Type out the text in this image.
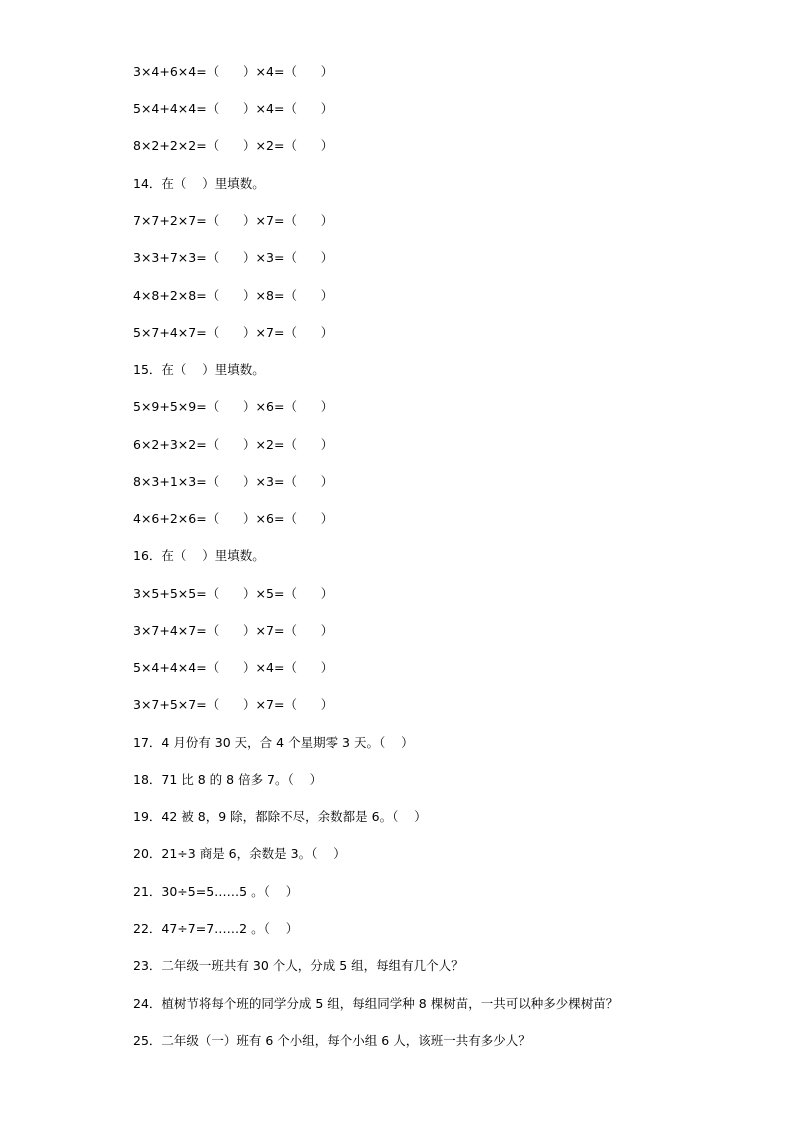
3×4+6×4=（      ）×4=（      ）
5×4+4×4=（      ）×4=（      ）
8×2+2×2=（      ）×2=（      ）
14．在（    ）里填数。
7×7+2×7=（      ）×7=（      ）
3×3+7×3=（      ）×3=（      ）
4×8+2×8=（      ）×8=（      ）
5×7+4×7=（      ）×7=（      ）
15．在（    ）里填数。
5×9+5×9=（      ）×6=（      ）
6×2+3×2=（      ）×2=（      ）
8×3+1×3=（      ）×3=（      ）
4×6+2×6=（      ）×6=（      ）
16．在（    ）里填数。
3×5+5×5=（      ）×5=（      ）
3×7+4×7=（      ）×7=（      ）
5×4+4×4=（      ）×4=（      ）
3×7+5×7=（      ）×7=（      ）
17．4 月份有 30 天，合 4 个星期零 3 天。（    ）
18．71 比 8 的 8 倍多 7。（    ）
19．42 被 8，9 除，都除不尽，余数都是 6。（    ）
20．21÷3 商是 6，余数是 3。（    ）
21．30÷5=5……5 。（    ）
22．47÷7=7……2 。（    ）
23．二年级一班共有 30 个人，分成 5 组，每组有几个人？
24．植树节将每个班的同学分成 5 组，每组同学种 8 棵树苗，一共可以种多少棵树苗？
25．二年级（一）班有 6 个小组，每个小组 6 人，该班一共有多少人？
